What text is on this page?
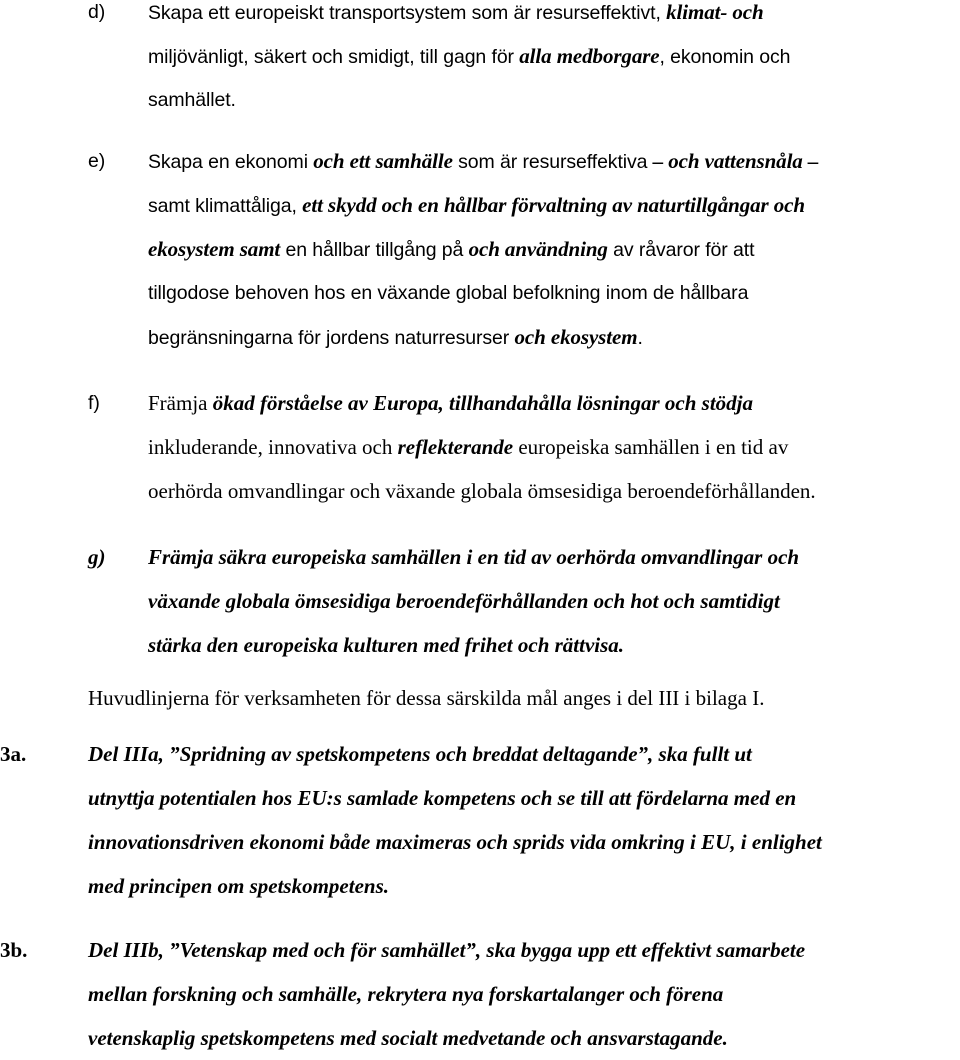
d) Skapa ett europeiskt transportsystem som är resurseffektivt, klimat- och
miljövänligt, säkert och smidigt, till gagn för alla medborgare, ekonomin och
samhället.
e) Skapa en ekonomi och ett samhälle som är resurseffektiva – och vattensnåla –
samt klimattåliga, ett skydd och en hållbar förvaltning av naturtillgångar och
ekosystem samt en hållbar tillgång på och användning av råvaror för att
tillgodose behoven hos en växande global befolkning inom de hållbara
begränsningarna för jordens naturresurser och ekosystem.
f) Främja ökad förståelse av Europa, tillhandahålla lösningar och stödja
inkluderande, innovativa och reflekterande europeiska samhällen i en tid av
oerhörda omvandlingar och växande globala ömsesidiga beroendeförhållanden.
g) Främja säkra europeiska samhällen i en tid av oerhörda omvandlingar och
växande globala ömsesidiga beroendeförhållanden och hot och samtidigt
stärka den europeiska kulturen med frihet och rättvisa.
Huvudlinjerna för verksamheten för dessa särskilda mål anges i del III i bilaga I.
3a.	Del IIIa, ”Spridning av spetskompetens och breddat deltagande”, ska fullt ut
utnyttja potentialen hos EU:s samlade kompetens och se till att fördelarna med en
innovationsdriven ekonomi både maximeras och sprids vida omkring i EU, i enlighet
med principen om spetskompetens.
3b.	Del IIIb, ”Vetenskap med och för samhället”, ska bygga upp ett effektivt samarbete
mellan forskning och samhälle, rekrytera nya forskartalanger och förena
vetenskaplig spetskompetens med socialt medvetande och ansvarstagande.
